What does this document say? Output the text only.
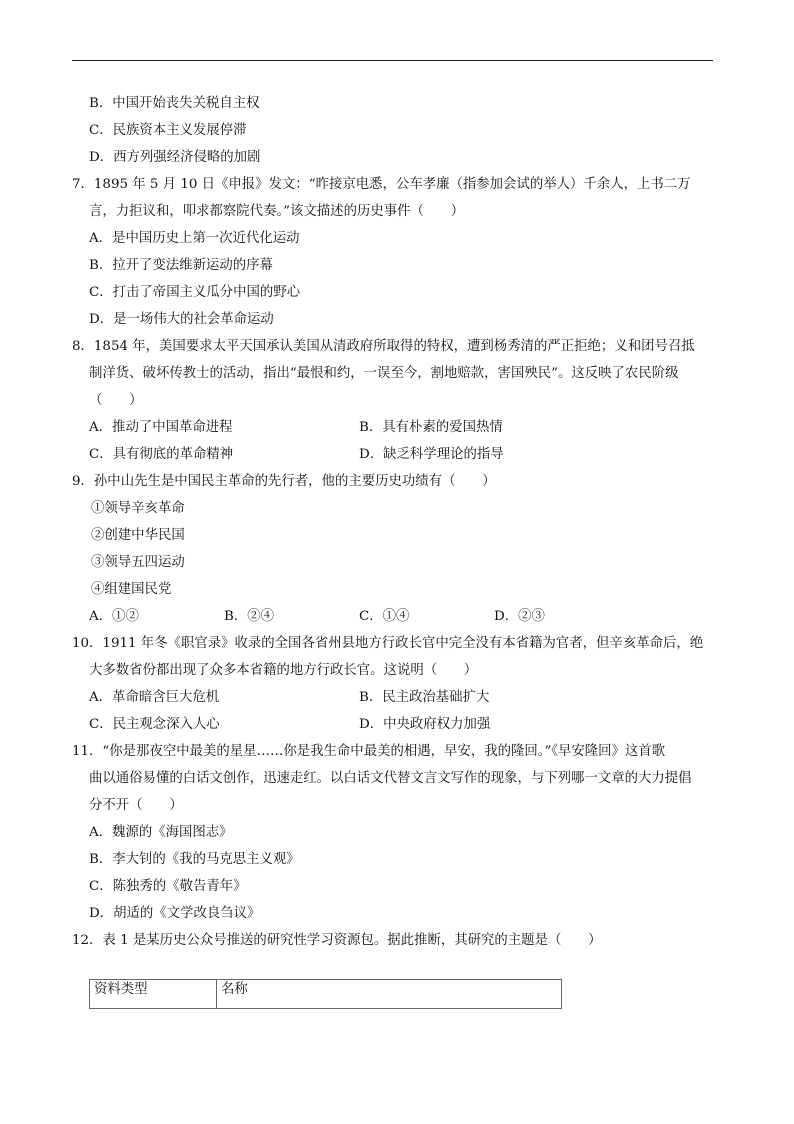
B．中国开始丧失关税自主权
C．民族资本主义发展停滞
D．西方列强经济侵略的加剧
7．1895 年 5 月 10 日《申报》发文：“昨接京电悉，公车孝廉（指参加会试的举人）千余人，上书二万
言，力拒议和，叩求都察院代奏。”该文描述的历史事件（　　）
A．是中国历史上第一次近代化运动
B．拉开了变法维新运动的序幕
C．打击了帝国主义瓜分中国的野心
D．是一场伟大的社会革命运动
8．1854 年，美国要求太平天国承认美国从清政府所取得的特权，遭到杨秀清的严正拒绝；义和团号召抵
制洋货、破坏传教士的活动，指出“最恨和约，一误至今，割地赔款，害国殃民”。这反映了农民阶级
（　　）
A．推动了中国革命进程	B．具有朴素的爱国热情
C．具有彻底的革命精神	D．缺乏科学理论的指导
9．孙中山先生是中国民主革命的先行者，他的主要历史功绩有（　　）
①领导辛亥革命
②创建中华民国
③领导五四运动
④组建国民党
A．①②	B．②④	C．①④	D．②③
10．1911 年冬《职官录》收录的全国各省州县地方行政长官中完全没有本省籍为官者，但辛亥革命后，绝
大多数省份都出现了众多本省籍的地方行政长官。这说明（　　）
A．革命暗含巨大危机	B．民主政治基础扩大
C．民主观念深入人心	D．中央政府权力加强
11．“你是那夜空中最美的星星……你是我生命中最美的相遇，早安，我的隆回。”《早安隆回》这首歌
曲以通俗易懂的白话文创作，迅速走红。以白话文代替文言文写作的现象，与下列哪一文章的大力提倡
分不开（　　）
A．魏源的《海国图志》
B．李大钊的《我的马克思主义观》
C．陈独秀的《敬告青年》
D．胡适的《文学改良刍议》
12．表 1 是某历史公众号推送的研究性学习资源包。据此推断，其研究的主题是（　　）
资料类型	名称
